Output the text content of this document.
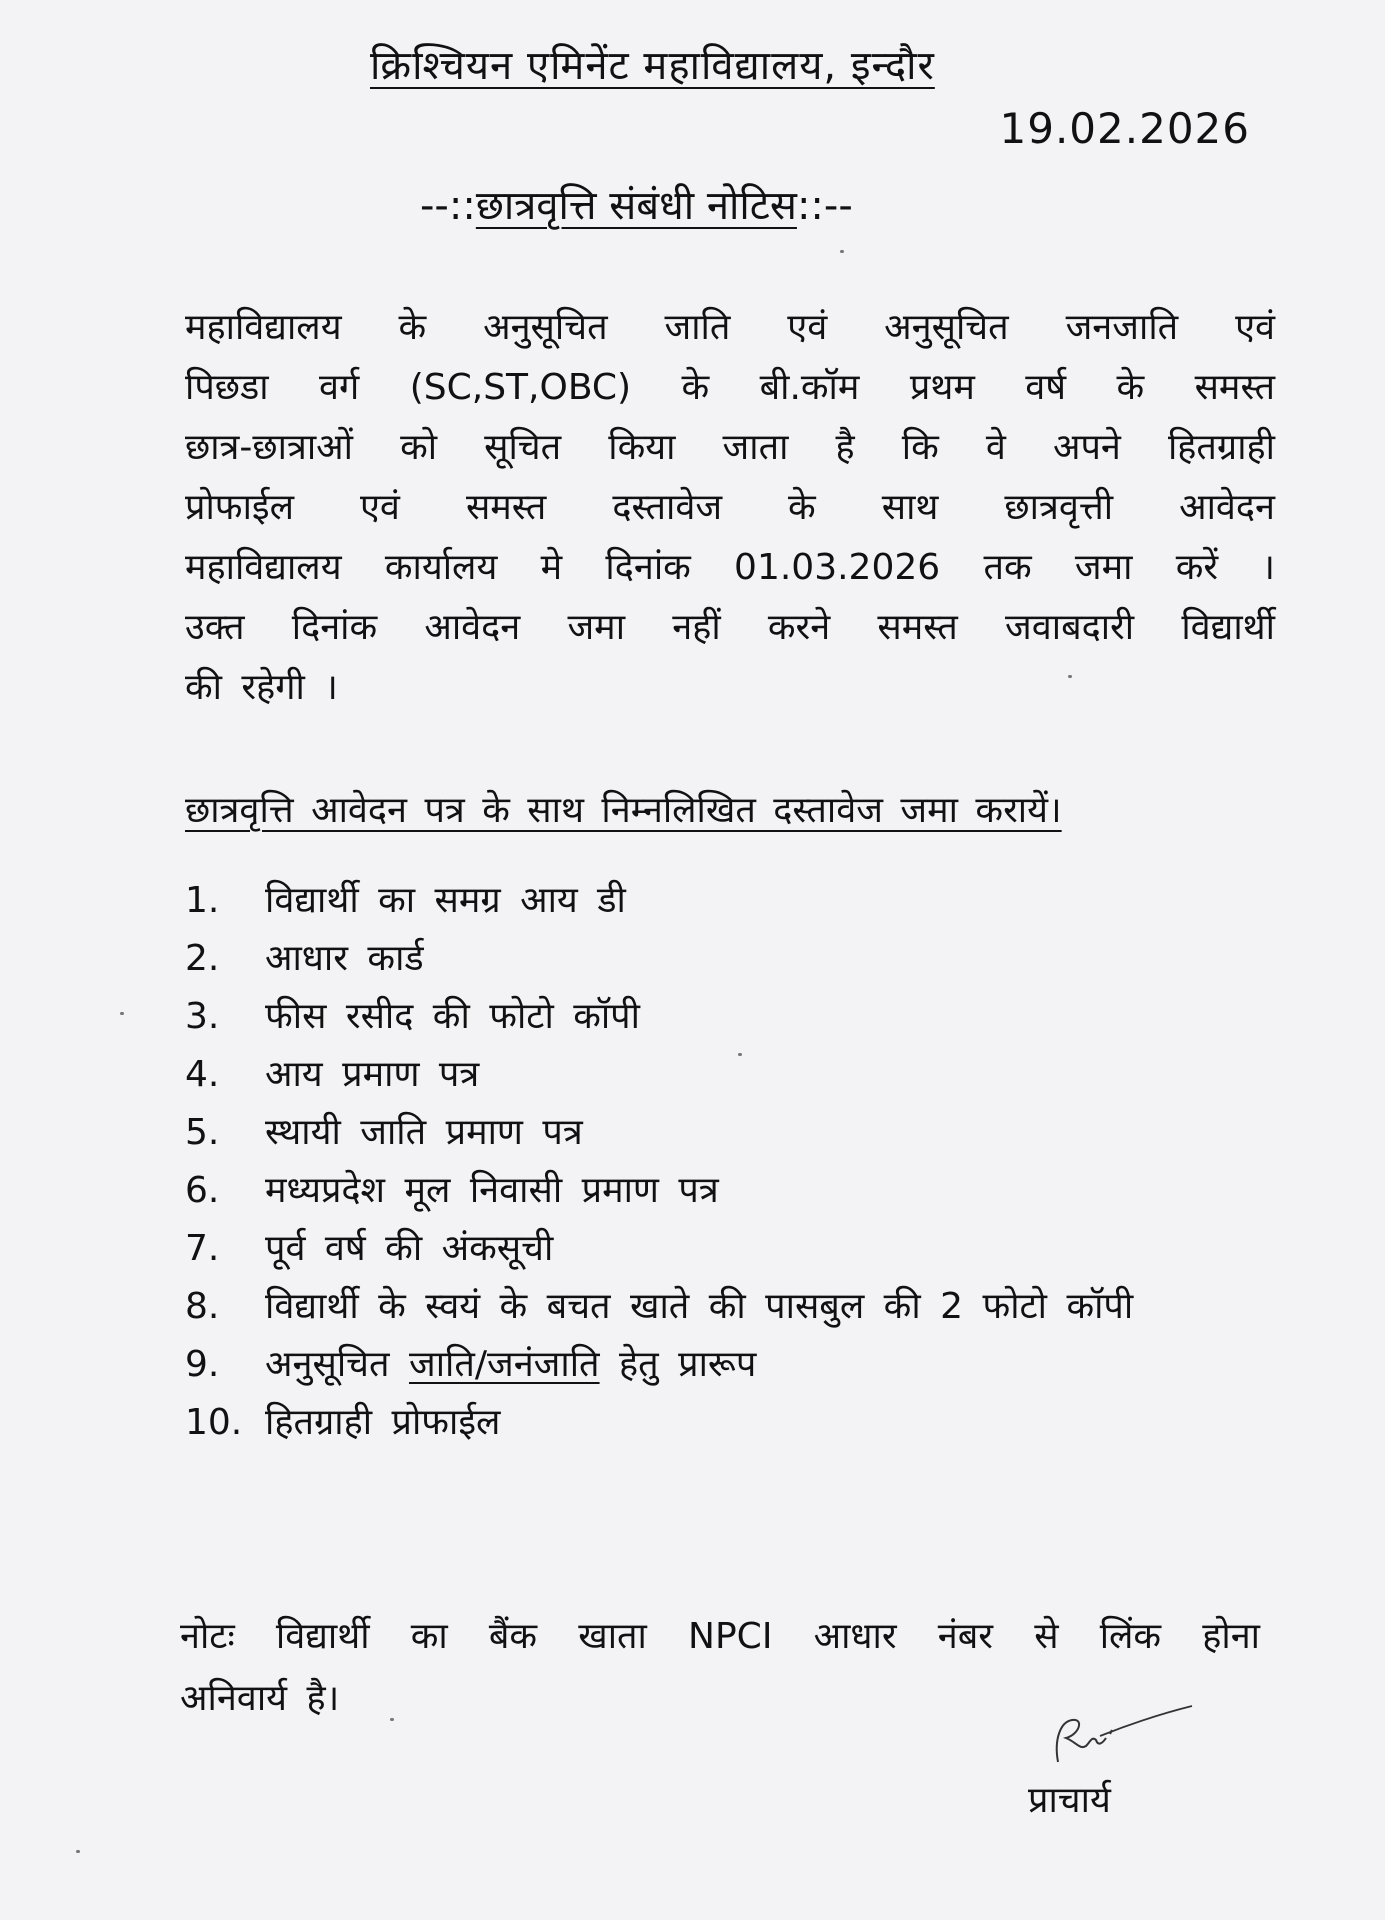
क्रिश्चियन एमिनेंट महाविद्यालय, इन्दौर
19.02.2026
--::छात्रवृत्ति संबंधी नोटिस::--
महाविद्यालय के अनुसूचित जाति एवं अनुसूचित जनजाति एवं
पिछडा वर्ग (SC,ST,OBC) के बी.कॉम प्रथम वर्ष के समस्त
छात्र-छात्राओं को सूचित किया जाता है कि वे अपने हितग्राही
प्रोफाईल एवं समस्त दस्तावेज के साथ छात्रवृत्ती आवेदन
महाविद्यालय कार्यालय मे दिनांक 01.03.2026 तक जमा करें ।
उक्त दिनांक आवेदन जमा नहीं करने समस्त जवाबदारी विद्यार्थी
की रहेगी ।
छात्रवृत्ति आवेदन पत्र के साथ निम्नलिखित दस्तावेज जमा करायें।
1.	विद्यार्थी का समग्र आय डी
2.	आधार कार्ड
3.	फीस रसीद की फोटो कॉपी
4.	आय प्रमाण पत्र
5.	स्थायी जाति प्रमाण पत्र
6.	मध्यप्रदेश मूल निवासी प्रमाण पत्र
7.	पूर्व वर्ष की अंकसूची
8.	विद्यार्थी के स्वयं के बचत खाते की पासबुल की 2 फोटो कॉपी
9.	अनुसूचित जाति/जनंजाति हेतु प्रारूप
10. हितग्राही प्रोफाईल
नोटः विद्यार्थी का बैंक खाता NPCI आधार नंबर से लिंक होना
अनिवार्य है।
प्राचार्य
